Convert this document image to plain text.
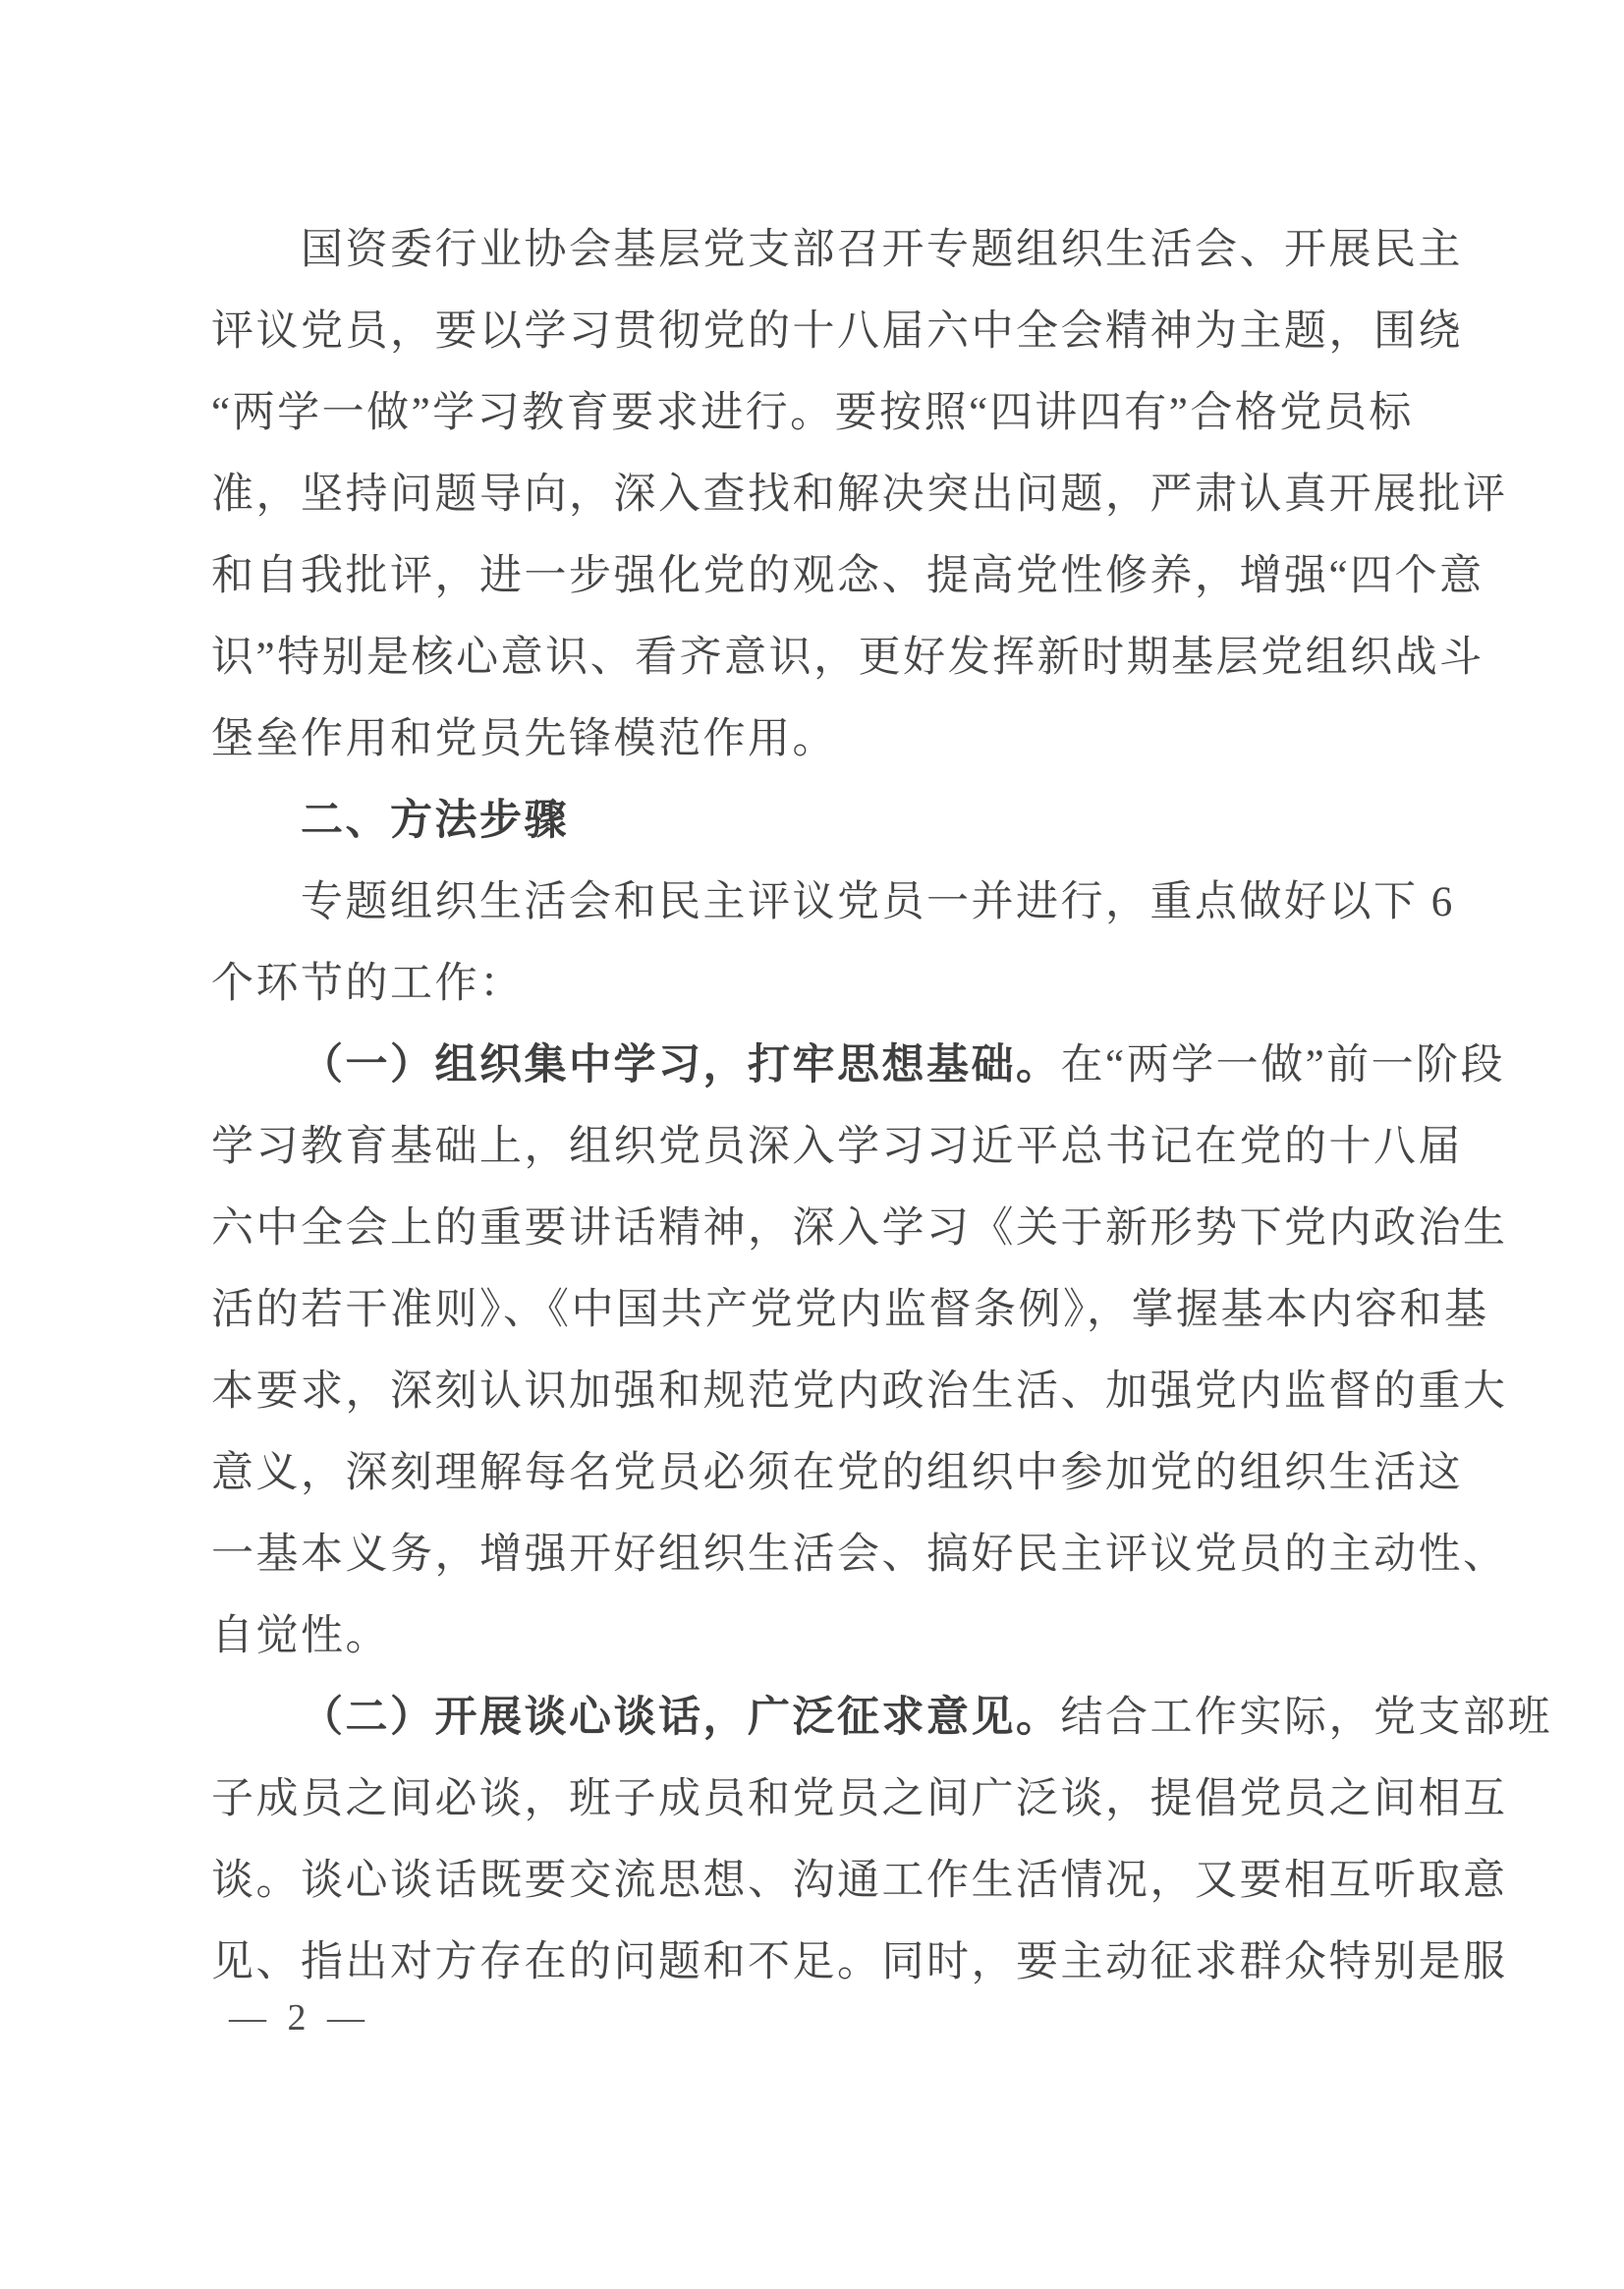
国资委行业协会基层党支部召开专题组织生活会、开展民主
评议党员，要以学习贯彻党的十八届六中全会精神为主题，围绕
“两学一做”学习教育要求进行。要按照“四讲四有”合格党员标
准，坚持问题导向，深入查找和解决突出问题，严肃认真开展批评
和自我批评，进一步强化党的观念、提高党性修养，增强“四个意
识”特别是核心意识、看齐意识，更好发挥新时期基层党组织战斗
堡垒作用和党员先锋模范作用。
二、方法步骤
专题组织生活会和民主评议党员一并进行，重点做好以下 6
个环节的工作：
（一）组织集中学习，打牢思想基础。在“两学一做”前一阶段
学习教育基础上，组织党员深入学习习近平总书记在党的十八届
六中全会上的重要讲话精神，深入学习《关于新形势下党内政治生
活的若干准则》、《中国共产党党内监督条例》，掌握基本内容和基
本要求，深刻认识加强和规范党内政治生活、加强党内监督的重大
意义，深刻理解每名党员必须在党的组织中参加党的组织生活这
一基本义务，增强开好组织生活会、搞好民主评议党员的主动性、
自觉性。
（二）开展谈心谈话，广泛征求意见。结合工作实际，党支部班
子成员之间必谈，班子成员和党员之间广泛谈，提倡党员之间相互
谈。谈心谈话既要交流思想、沟通工作生活情况，又要相互听取意
见、指出对方存在的问题和不足。同时，要主动征求群众特别是服
— 2 —
